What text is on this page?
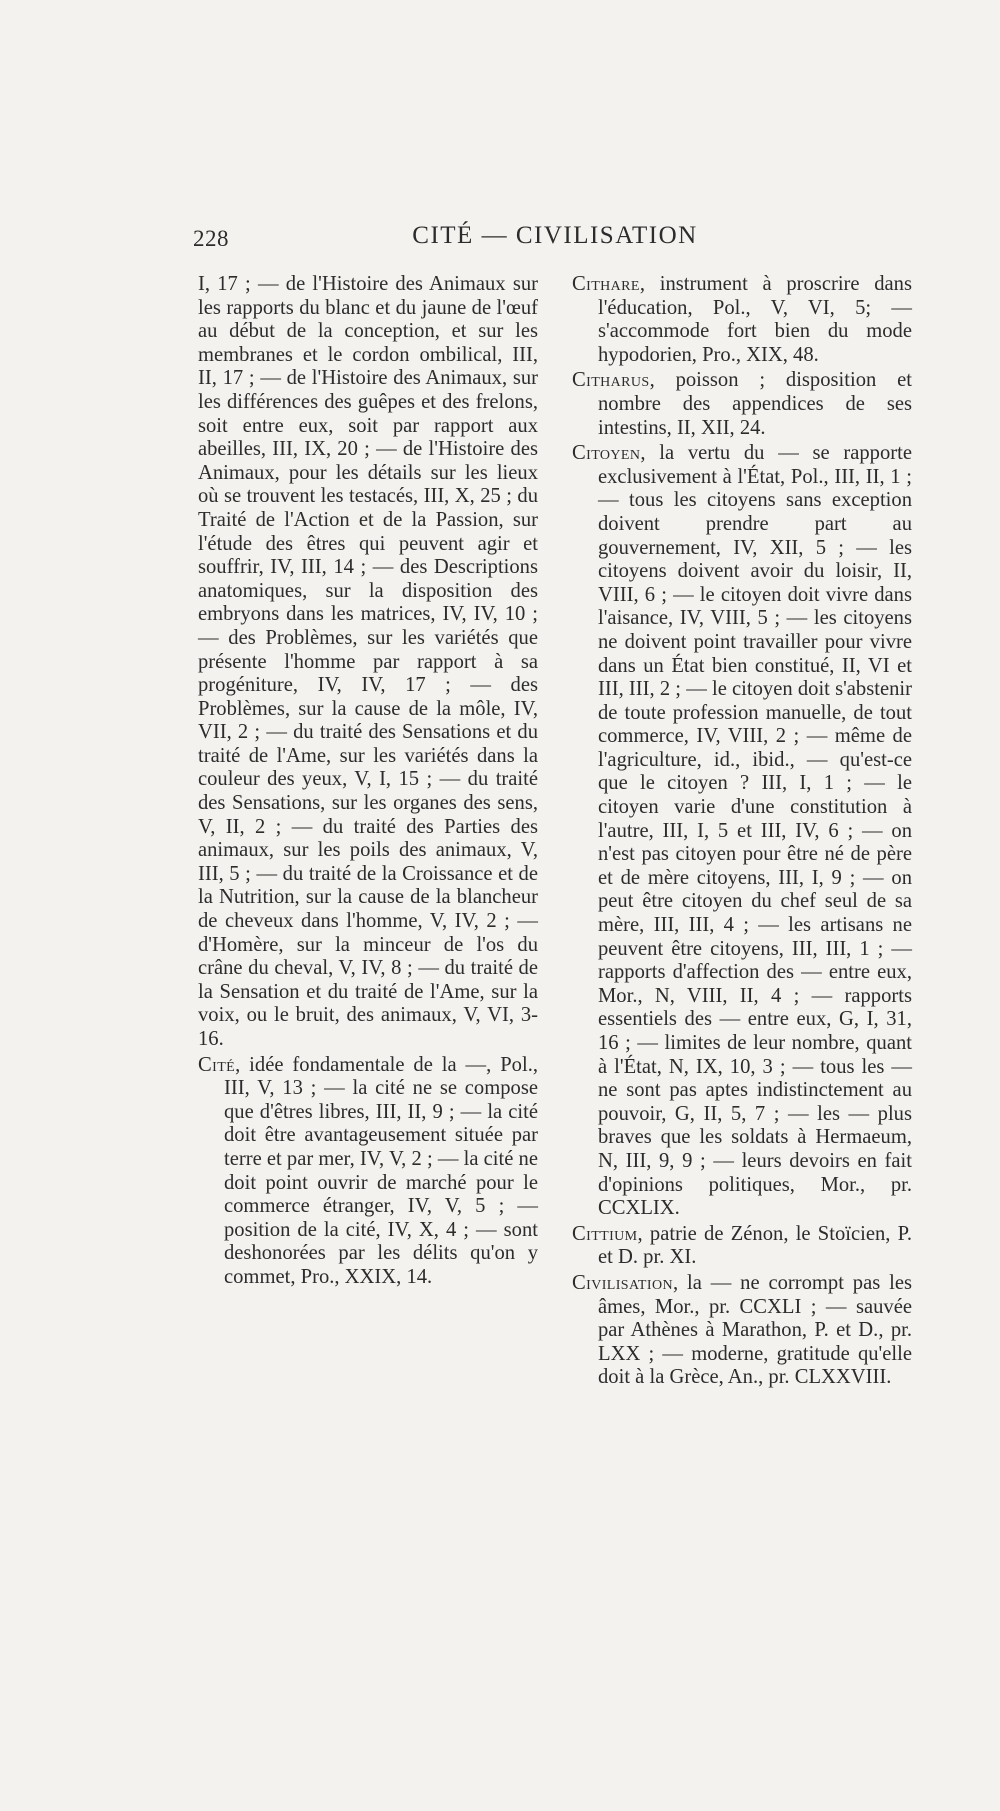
228	CITÉ — CIVILISATION

I, 17 ; — de l'Histoire des Animaux sur les rapports du blanc et du jaune de l'œuf au début de la conception, et sur les membranes et le cordon ombilical, III, II, 17 ; — de l'Histoire des Animaux, sur les différences des guêpes et des frelons, soit entre eux, soit par rapport aux abeilles, III, IX, 20 ; — de l'Histoire des Animaux, pour les détails sur les lieux où se trouvent les testacés, III, X, 25 ; du Traité de l'Action et de la Passion, sur l'étude des êtres qui peuvent agir et souffrir, IV, III, 14 ; — des Descriptions anatomiques, sur la disposition des embryons dans les matrices, IV, IV, 10 ; — des Problèmes, sur les variétés que présente l'homme par rapport à sa progéniture, IV, IV, 17 ; — des Problèmes, sur la cause de la môle, IV, VII, 2 ; — du traité des Sensations et du traité de l'Ame, sur les variétés dans la couleur des yeux, V, I, 15 ; — du traité des Sensations, sur les organes des sens, V, II, 2 ; — du traité des Parties des animaux, sur les poils des animaux, V, III, 5 ; — du traité de la Croissance et de la Nutrition, sur la cause de la blancheur de cheveux dans l'homme, V, IV, 2 ; — d'Homère, sur la minceur de l'os du crâne du cheval, V, IV, 8 ; — du traité de la Sensation et du traité de l'Ame, sur la voix, ou le bruit, des animaux, V, VI, 3-16.

Cité, idée fondamentale de la —, Pol., III, V, 13 ; — la cité ne se compose que d'êtres libres, III, II, 9 ; — la cité doit être avantageusement située par terre et par mer, IV, V, 2 ; — la cité ne doit point ouvrir de marché pour le commerce étranger, IV, V, 5 ; — position de la cité, IV, X, 4 ; — sont deshonorées par les délits qu'on y commet, Pro., XXIX, 14.

Cithare, instrument à proscrire dans l'éducation, Pol., V, VI, 5; —s'accommode fort bien du mode hypodorien, Pro., XIX, 48.

Citharus, poisson ; disposition et nombre des appendices de ses intestins, II, XII, 24.

Citoyen, la vertu du — se rapporte exclusivement à l'État, Pol., III, II, 1 ; — tous les citoyens sans exception doivent prendre part au gouvernement, IV, XII, 5 ; — les citoyens doivent avoir du loisir, II, VIII, 6 ; — le citoyen doit vivre dans l'aisance, IV, VIII, 5 ; — les citoyens ne doivent point travailler pour vivre dans un État bien constitué, II, VI et III, III, 2 ; — le citoyen doit s'abstenir de toute profession manuelle, de tout commerce, IV, VIII, 2 ; — même de l'agriculture, id., ibid., — qu'est-ce que le citoyen ? III, I, 1 ; — le citoyen varie d'une constitution à l'autre, III, I, 5 et III, IV, 6 ; — on n'est pas citoyen pour être né de père et de mère citoyens, III, I, 9 ; — on peut être citoyen du chef seul de sa mère, III, III, 4 ; — les artisans ne peuvent être citoyens, III, III, 1 ; — rapports d'affection des — entre eux, Mor., N, VIII, II, 4 ; — rapports essentiels des — entre eux, G, I, 31, 16 ; — limites de leur nombre, quant à l'État, N, IX, 10, 3 ; — tous les — ne sont pas aptes indistinctement au pouvoir, G, II, 5, 7 ; — les — plus braves que les soldats à Hermaeum, N, III, 9, 9 ; — leurs devoirs en fait d'opinions politiques, Mor., pr. CCXLIX.

Cittium, patrie de Zénon, le Stoïcien, P. et D. pr. XI.

Civilisation, la — ne corrompt pas les âmes, Mor., pr. CCXLI ; — sauvée par Athènes à Marathon, P. et D., pr. LXX ; — moderne, gratitude qu'elle doit à la Grèce, An., pr. CLXXVIII.
